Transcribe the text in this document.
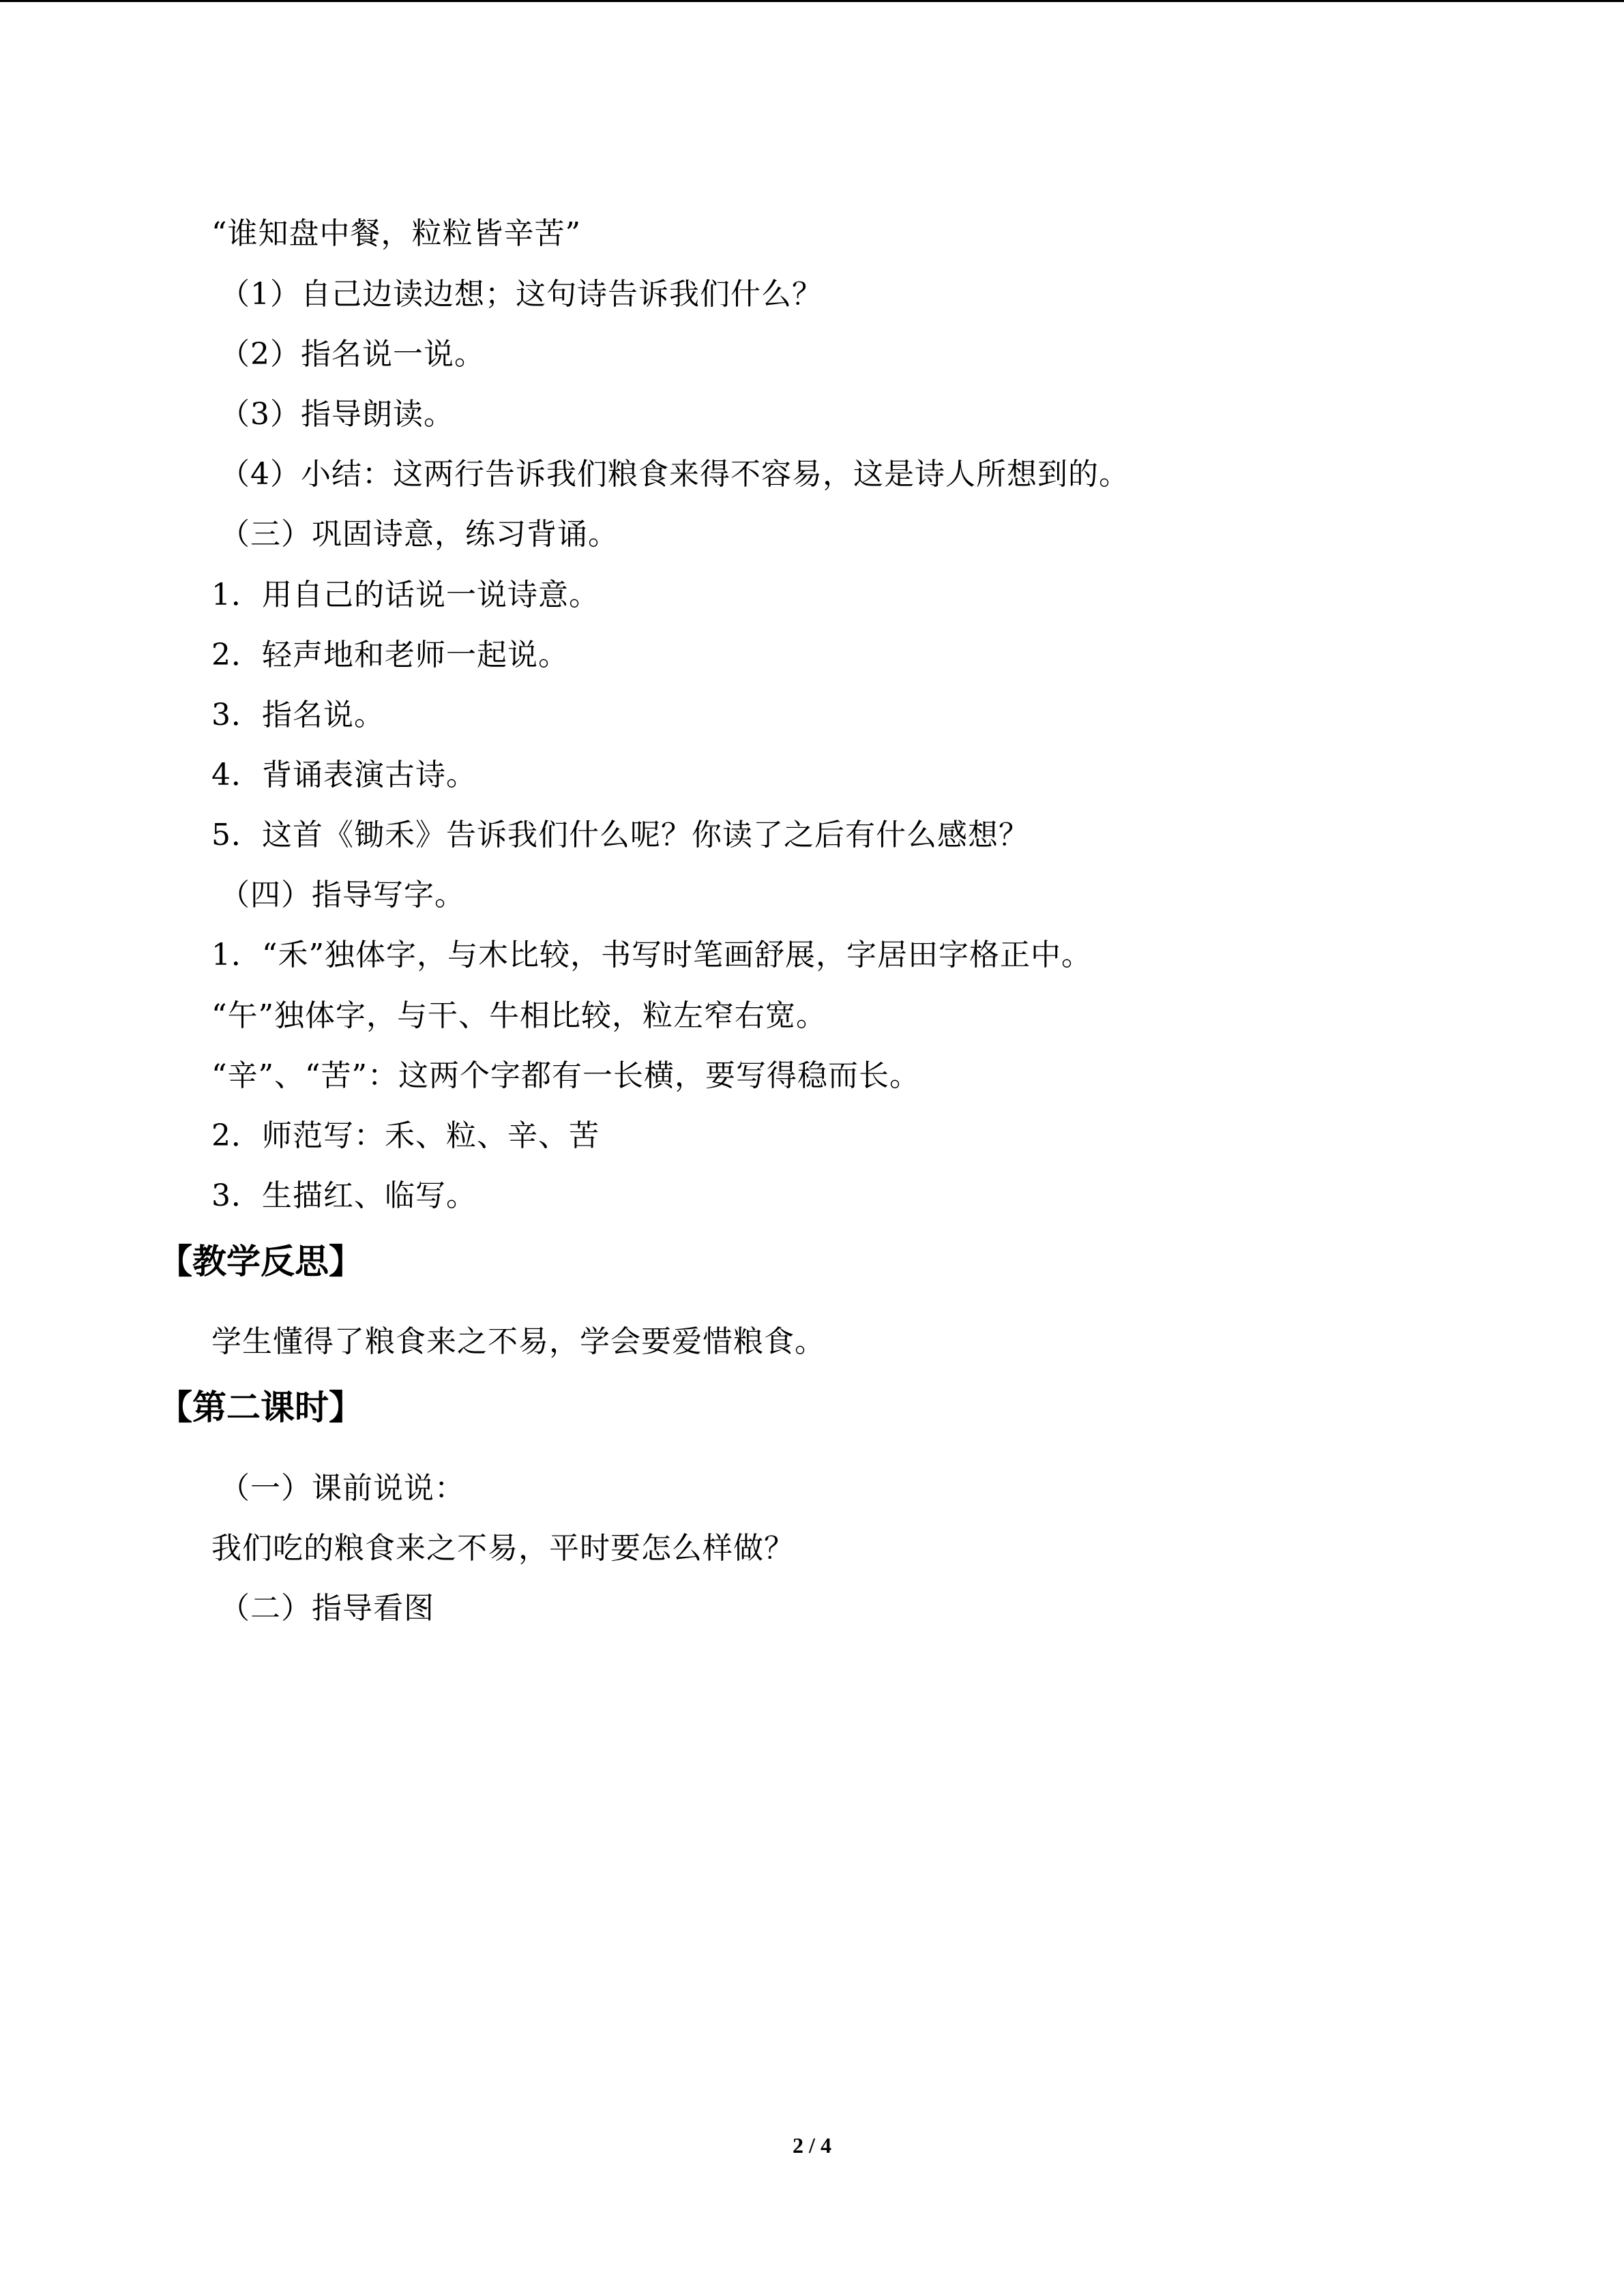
“谁知盘中餐，粒粒皆辛苦”
（1）自己边读边想；这句诗告诉我们什么？
（2）指名说一说。
（3）指导朗读。
（4）小结：这两行告诉我们粮食来得不容易，这是诗人所想到的。
（三）巩固诗意，练习背诵。
1．用自己的话说一说诗意。
2．轻声地和老师一起说。
3．指名说。
4．背诵表演古诗。
5．这首《锄禾》告诉我们什么呢？你读了之后有什么感想？
（四）指导写字。
1．“禾”独体字，与木比较，书写时笔画舒展，字居田字格正中。
“午”独体字，与干、牛相比较，粒左窄右宽。
“辛”、“苦”：这两个字都有一长横，要写得稳而长。
2．师范写：禾、粒、辛、苦
3．生描红、临写。
【教学反思】
学生懂得了粮食来之不易，学会要爱惜粮食。
【第二课时】
（一）课前说说：
我们吃的粮食来之不易，平时要怎么样做？
（二）指导看图
2 / 4
